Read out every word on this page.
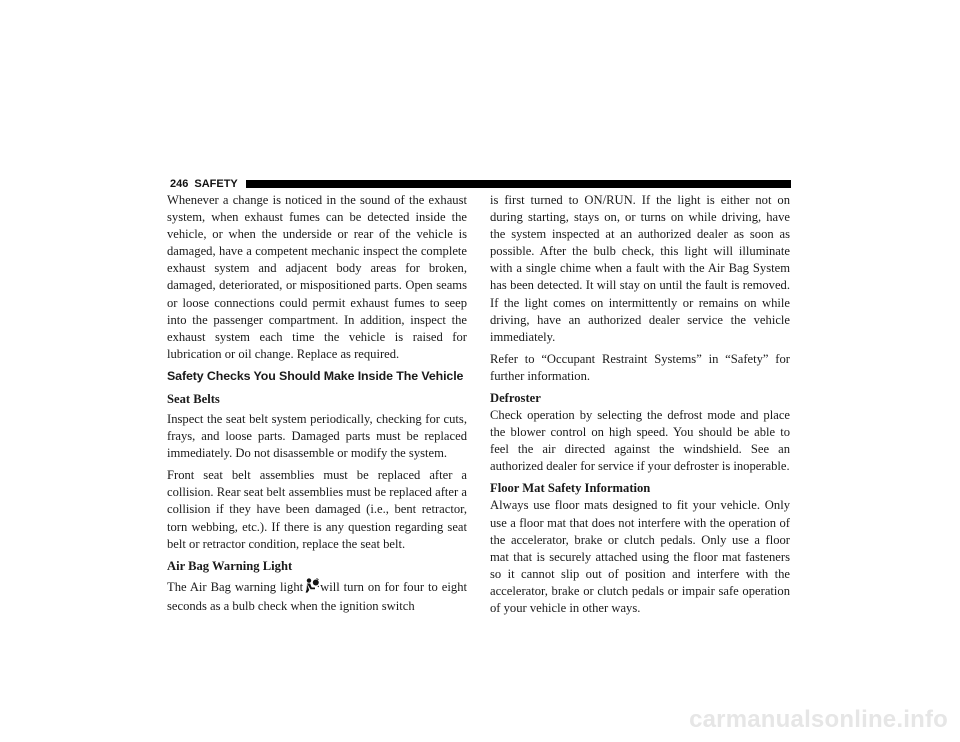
246 SAFETY

Whenever a change is noticed in the sound of the exhaust system, when exhaust fumes can be detected inside the vehicle, or when the underside or rear of the vehicle is damaged, have a competent mechanic inspect the complete exhaust system and adjacent body areas for broken, damaged, deteriorated, or mispositioned parts. Open seams or loose connections could permit exhaust fumes to seep into the passenger compartment. In addition, inspect the exhaust system each time the vehicle is raised for lubrication or oil change. Replace as required.

Safety Checks You Should Make Inside The Vehicle
Seat Belts

Inspect the seat belt system periodically, checking for cuts, frays, and loose parts. Damaged parts must be replaced immediately. Do not disassemble or modify the system.

Front seat belt assemblies must be replaced after a collision. Rear seat belt assemblies must be replaced after a collision if they have been damaged (i.e., bent retractor, torn webbing, etc.). If there is any question regarding seat belt or retractor condition, replace the seat belt.

Air Bag Warning Light

The Air Bag warning light will turn on for four to eight seconds as a bulb check when the ignition switch

is first turned to ON/RUN. If the light is either not on during starting, stays on, or turns on while driving, have the system inspected at an authorized dealer as soon as possible. After the bulb check, this light will illuminate with a single chime when a fault with the Air Bag System has been detected. It will stay on until the fault is removed. If the light comes on intermittently or remains on while driving, have an authorized dealer service the vehicle immediately.

Refer to “Occupant Restraint Systems” in “Safety” for further information.

Defroster

Check operation by selecting the defrost mode and place the blower control on high speed. You should be able to feel the air directed against the windshield. See an authorized dealer for service if your defroster is inoperable.

Floor Mat Safety Information

Always use floor mats designed to fit your vehicle. Only use a floor mat that does not interfere with the operation of the accelerator, brake or clutch pedals. Only use a floor mat that is securely attached using the floor mat fasteners so it cannot slip out of position and interfere with the accelerator, brake or clutch pedals or impair safe operation of your vehicle in other ways.

carmanualsonline.info
